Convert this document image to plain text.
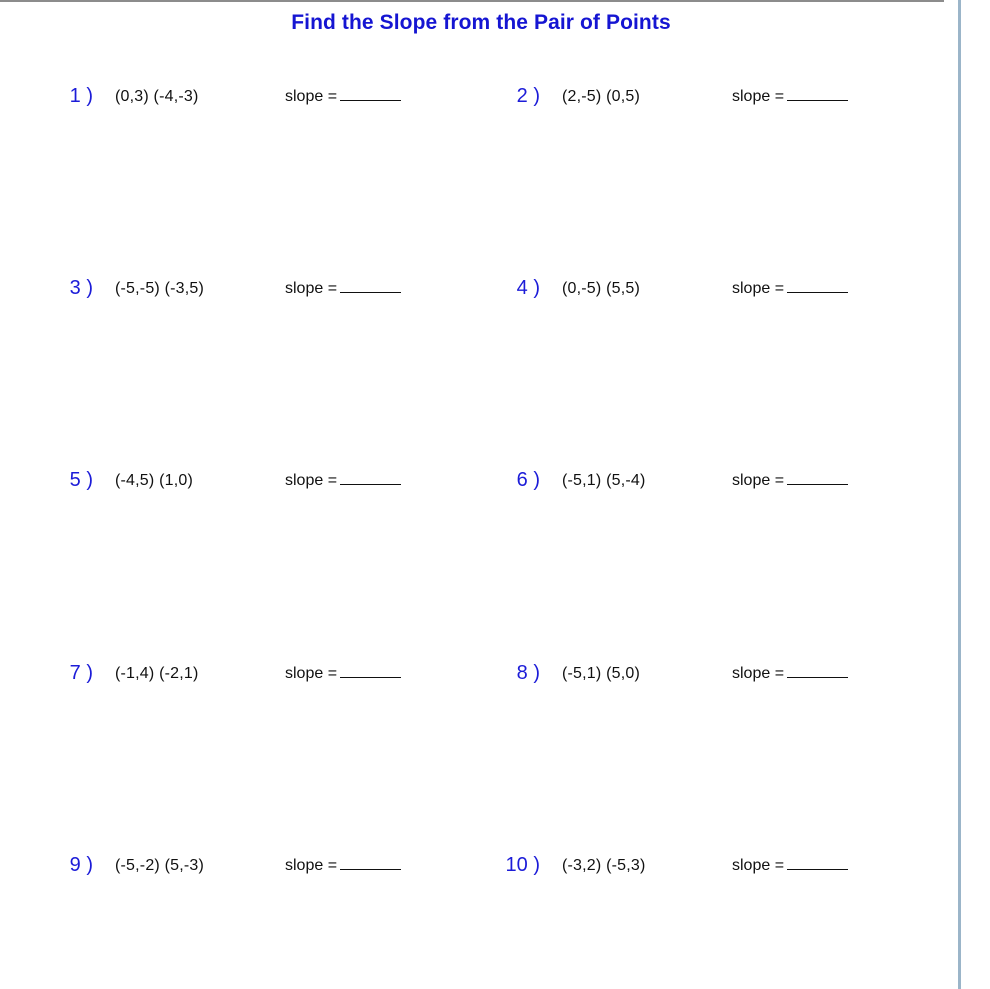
Find the Slope from the Pair of Points
1 ) (0,3) (-4,-3)	slope =	2 ) (2,-5) (0,5)	slope =
3 ) (-5,-5) (-3,5)	slope =	4 ) (0,-5) (5,5)	slope =
5 ) (-4,5) (1,0)	slope =	6 ) (-5,1) (5,-4)	slope =
7 ) (-1,4) (-2,1)	slope =	8 ) (-5,1) (5,0)	slope =
9 ) (-5,-2) (5,-3)	slope =	10 ) (-3,2) (-5,3)	slope =
